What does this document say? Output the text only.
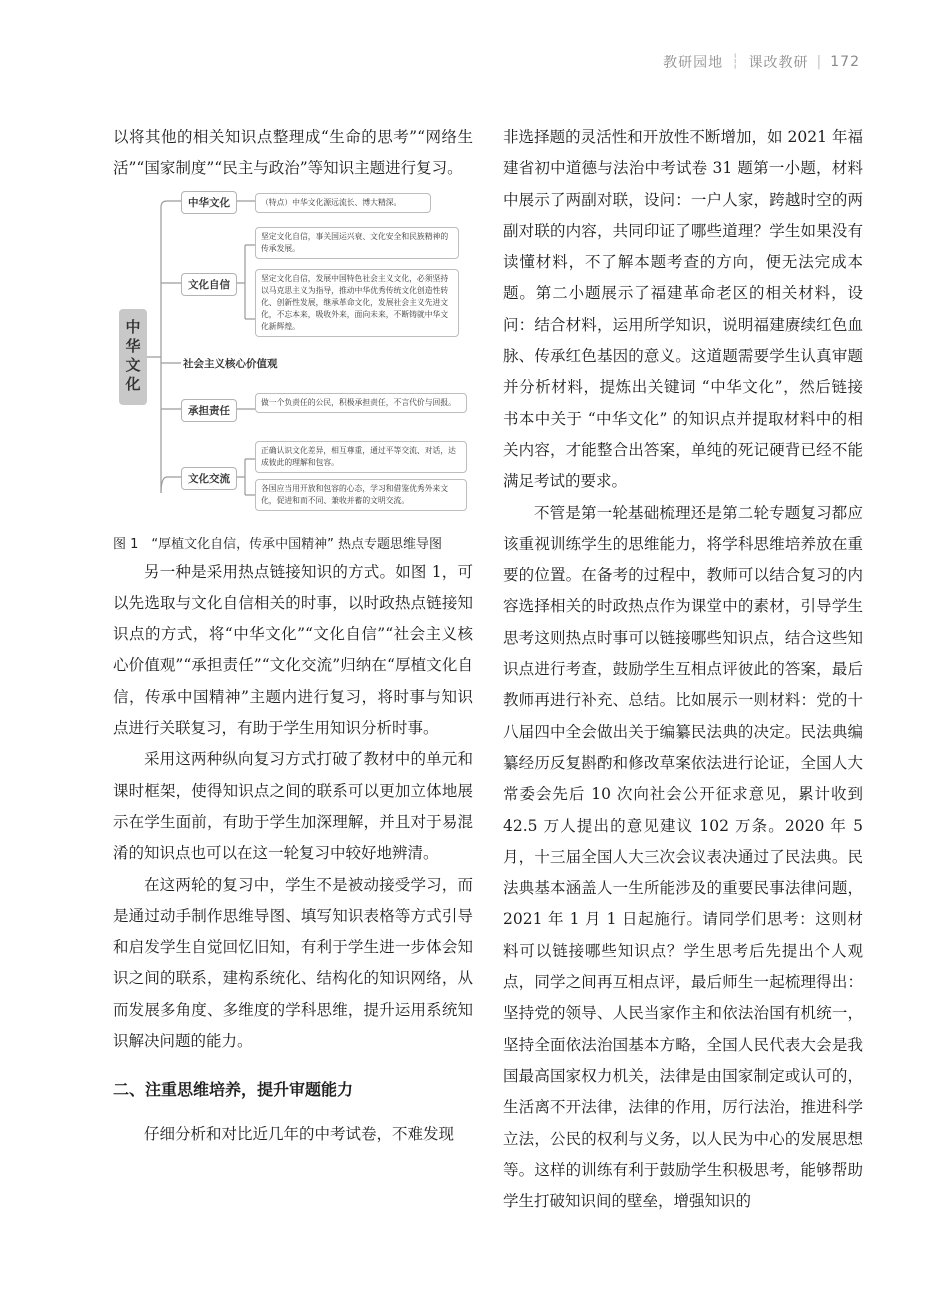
教研园地 ┆ 课改教研 | 172

以将其他的相关知识点整理成“生命的思考”“网络生活”“国家制度”“民主与政治”等知识主题进行复习。

中华文化
中华文化
文化自信
社会主义核心价值观
承担责任
文化交流
（特点）中华文化源远流长、博大精深。
坚定文化自信，事关国运兴衰、文化安全和民族精神的传承发展。
坚定文化自信，发展中国特色社会主义文化，必须坚持以马克思主义为指导，推动中华优秀传统文化创造性转化、创新性发展，继承革命文化，发展社会主义先进文化，不忘本来，吸收外来，面向未来，不断铸就中华文化新辉煌。
做一个负责任的公民，积极承担责任，不言代价与回报。
正确认识文化差异，相互尊重，通过平等交流、对话，达成彼此的理解和包容。
各国应当用开放和包容的心态，学习和借鉴优秀外来文化，促进和而不同、兼收并蓄的文明交流。

图 1　“厚植文化自信，传承中国精神” 热点专题思维导图

另一种是采用热点链接知识的方式。如图 1，可以先选取与文化自信相关的时事，以时政热点链接知识点的方式，将“中华文化”“文化自信”“社会主义核心价值观”“承担责任”“文化交流”归纳在“厚植文化自信，传承中国精神”主题内进行复习，将时事与知识点进行关联复习，有助于学生用知识分析时事。

采用这两种纵向复习方式打破了教材中的单元和课时框架，使得知识点之间的联系可以更加立体地展示在学生面前，有助于学生加深理解，并且对于易混淆的知识点也可以在这一轮复习中较好地辨清。

在这两轮的复习中，学生不是被动接受学习，而是通过动手制作思维导图、填写知识表格等方式引导和启发学生自觉回忆旧知，有利于学生进一步体会知识之间的联系，建构系统化、结构化的知识网络，从而发展多角度、多维度的学科思维，提升运用系统知识解决问题的能力。

二、注重思维培养，提升审题能力

仔细分析和对比近几年的中考试卷，不难发现

非选择题的灵活性和开放性不断增加，如 2021 年福建省初中道德与法治中考试卷 31 题第一小题，材料中展示了两副对联，设问：一户人家，跨越时空的两副对联的内容，共同印证了哪些道理？学生如果没有读懂材料，不了解本题考查的方向，便无法完成本题。第二小题展示了福建革命老区的相关材料，设问：结合材料，运用所学知识，说明福建赓续红色血脉、传承红色基因的意义。这道题需要学生认真审题并分析材料，提炼出关键词 “中华文化”，然后链接书本中关于 “中华文化” 的知识点并提取材料中的相关内容，才能整合出答案，单纯的死记硬背已经不能满足考试的要求。

不管是第一轮基础梳理还是第二轮专题复习都应该重视训练学生的思维能力，将学科思维培养放在重要的位置。在备考的过程中，教师可以结合复习的内容选择相关的时政热点作为课堂中的素材，引导学生思考这则热点时事可以链接哪些知识点，结合这些知识点进行考查，鼓励学生互相点评彼此的答案，最后教师再进行补充、总结。比如展示一则材料：党的十八届四中全会做出关于编纂民法典的决定。民法典编纂经历反复斟酌和修改草案依法进行论证，全国人大常委会先后 10 次向社会公开征求意见，累计收到 42.5 万人提出的意见建议 102 万条。2020 年 5 月，十三届全国人大三次会议表决通过了民法典。民法典基本涵盖人一生所能涉及的重要民事法律问题，2021 年 1 月 1 日起施行。请同学们思考：这则材料可以链接哪些知识点？学生思考后先提出个人观点，同学之间再互相点评，最后师生一起梳理得出：坚持党的领导、人民当家作主和依法治国有机统一，坚持全面依法治国基本方略，全国人民代表大会是我国最高国家权力机关，法律是由国家制定或认可的，生活离不开法律，法律的作用，厉行法治，推进科学立法，公民的权利与义务，以人民为中心的发展思想等。这样的训练有利于鼓励学生积极思考，能够帮助学生打破知识间的壁垒，增强知识的
